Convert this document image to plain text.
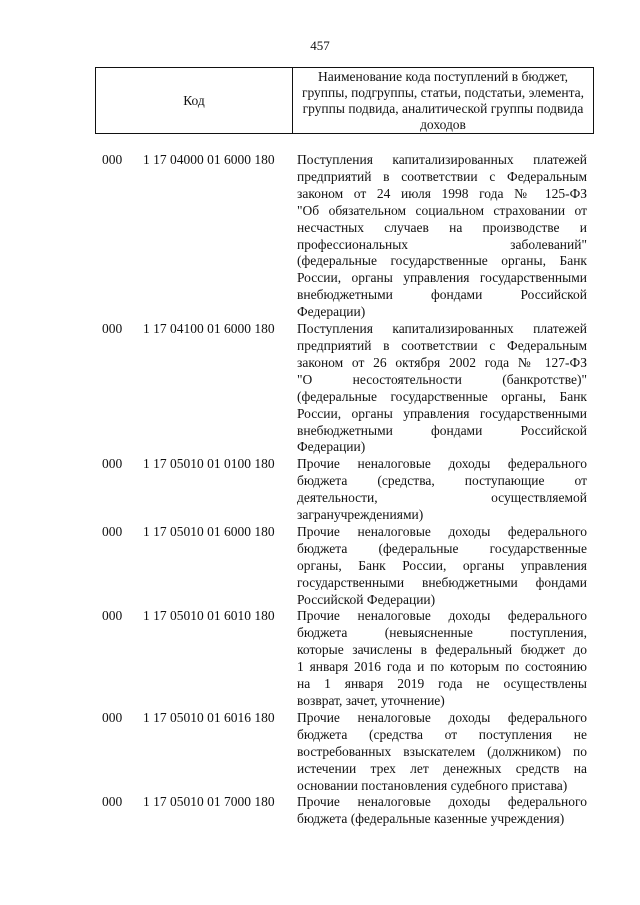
457
Код
Наименование кода поступлений в бюджет, группы, подгруппы, статьи, подстатьи, элемента, группы подвида, аналитической группы подвида доходов
000 1 17 04000 01 6000 180 Поступления капитализированных платежей
предприятий в соответствии с Федеральным
законом от 24 июля 1998 года № 125-ФЗ
"Об обязательном социальном страховании от
несчастных случаев на производстве и
профессиональных заболеваний"
(федеральные государственные органы, Банк
России, органы управления государственными
внебюджетными фондами Российской
Федерации)
000 1 17 04100 01 6000 180 Поступления капитализированных платежей
предприятий в соответствии с Федеральным
законом от 26 октября 2002 года № 127-ФЗ
"О несостоятельности (банкротстве)"
(федеральные государственные органы, Банк
России, органы управления государственными
внебюджетными фондами Российской
Федерации)
000 1 17 05010 01 0100 180 Прочие неналоговые доходы федерального
бюджета (средства, поступающие от
деятельности, осуществляемой
загранучреждениями)
000 1 17 05010 01 6000 180 Прочие неналоговые доходы федерального
бюджета (федеральные государственные
органы, Банк России, органы управления
государственными внебюджетными фондами
Российской Федерации)
000 1 17 05010 01 6010 180 Прочие неналоговые доходы федерального
бюджета (невыясненные поступления,
которые зачислены в федеральный бюджет до
1 января 2016 года и по которым по состоянию
на 1 января 2019 года не осуществлены
возврат, зачет, уточнение)
000 1 17 05010 01 6016 180 Прочие неналоговые доходы федерального
бюджета (средства от поступления не
востребованных взыскателем (должником) по
истечении трех лет денежных средств на
основании постановления судебного пристава)
000 1 17 05010 01 7000 180 Прочие неналоговые доходы федерального
бюджета (федеральные казенные учреждения)
